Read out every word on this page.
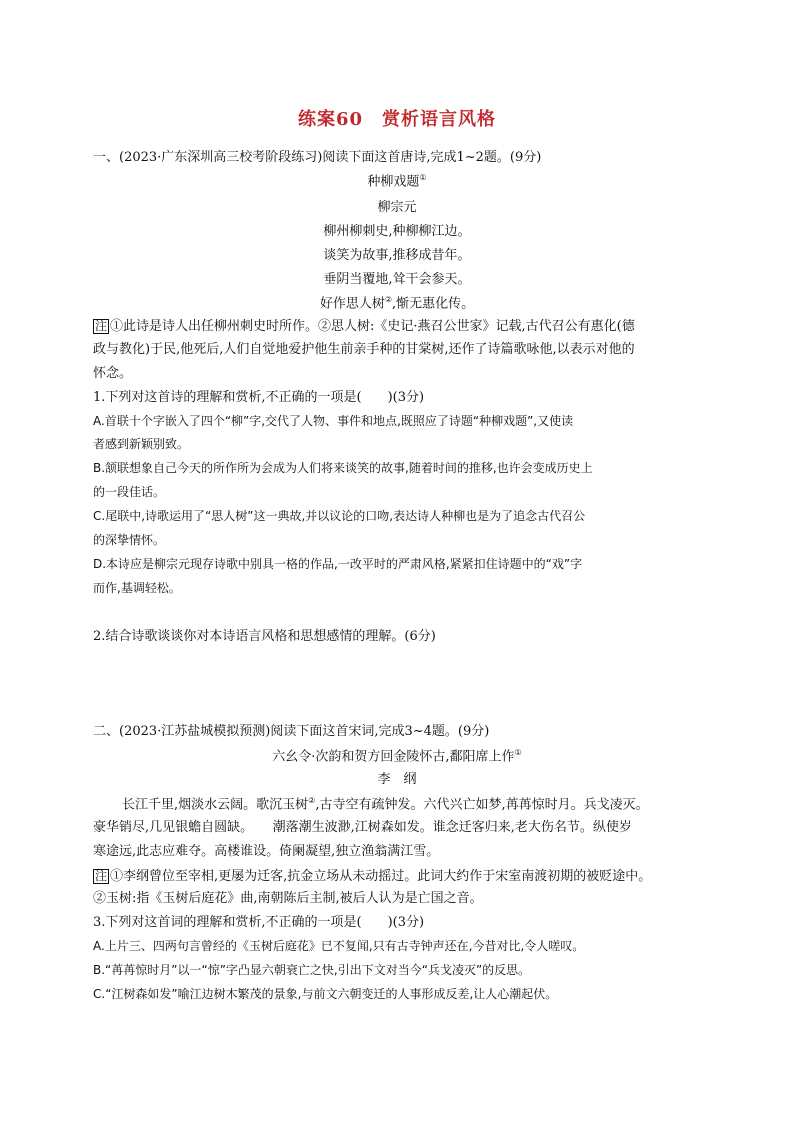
练案60　赏析语言风格
一、(2023·广东深圳高三校考阶段练习)阅读下面这首唐诗,完成1~2题。(9分)
种柳戏题①
柳宗元
柳州柳刺史,种柳柳江边。
谈笑为故事,推移成昔年。
垂阴当覆地,耸干会参天。
好作思人树②,惭无惠化传。
注 ①此诗是诗人出任柳州刺史时所作。②思人树:《史记·燕召公世家》记载,古代召公有惠化(德
政与教化)于民,他死后,人们自觉地爱护他生前亲手种的甘棠树,还作了诗篇歌咏他,以表示对他的
怀念。
1.下列对这首诗的理解和赏析,不正确的一项是(　　)(3分)
A.首联十个字嵌入了四个“柳”字,交代了人物、事件和地点,既照应了诗题“种柳戏题”,又使读
者感到新颖别致。
B.颔联想象自己今天的所作所为会成为人们将来谈笑的故事,随着时间的推移,也许会变成历史上
的一段佳话。
C.尾联中,诗歌运用了“思人树”这一典故,并以议论的口吻,表达诗人种柳也是为了追念古代召公
的深挚情怀。
D.本诗应是柳宗元现存诗歌中别具一格的作品,一改平时的严肃风格,紧紧扣住诗题中的“戏”字
而作,基调轻松。
2.结合诗歌谈谈你对本诗语言风格和思想感情的理解。(6分)
二、(2023·江苏盐城模拟预测)阅读下面这首宋词,完成3~4题。(9分)
六幺令·次韵和贺方回金陵怀古,鄱阳席上作①
李　纲
长江千里,烟淡水云阔。歌沉玉树②,古寺空有疏钟发。六代兴亡如梦,苒苒惊时月。兵戈凌灭。
豪华销尽,几见银蟾自圆缺。　　潮落潮生波渺,江树森如发。谁念迁客归来,老大伤名节。纵使岁
寒途远,此志应难夺。高楼谁设。倚阑凝望,独立渔翁满江雪。
注 ①李纲曾位至宰相,更屡为迁客,抗金立场从未动摇过。此词大约作于宋室南渡初期的被贬途中。
②玉树:指《玉树后庭花》曲,南朝陈后主制,被后人认为是亡国之音。
3.下列对这首词的理解和赏析,不正确的一项是(　　)(3分)
A.上片三、四两句言曾经的《玉树后庭花》已不复闻,只有古寺钟声还在,今昔对比,令人嗟叹。
B.“苒苒惊时月”以一“惊”字凸显六朝衰亡之快,引出下文对当今“兵戈凌灭”的反思。
C.“江树森如发”喻江边树木繁茂的景象,与前文六朝变迁的人事形成反差,让人心潮起伏。
